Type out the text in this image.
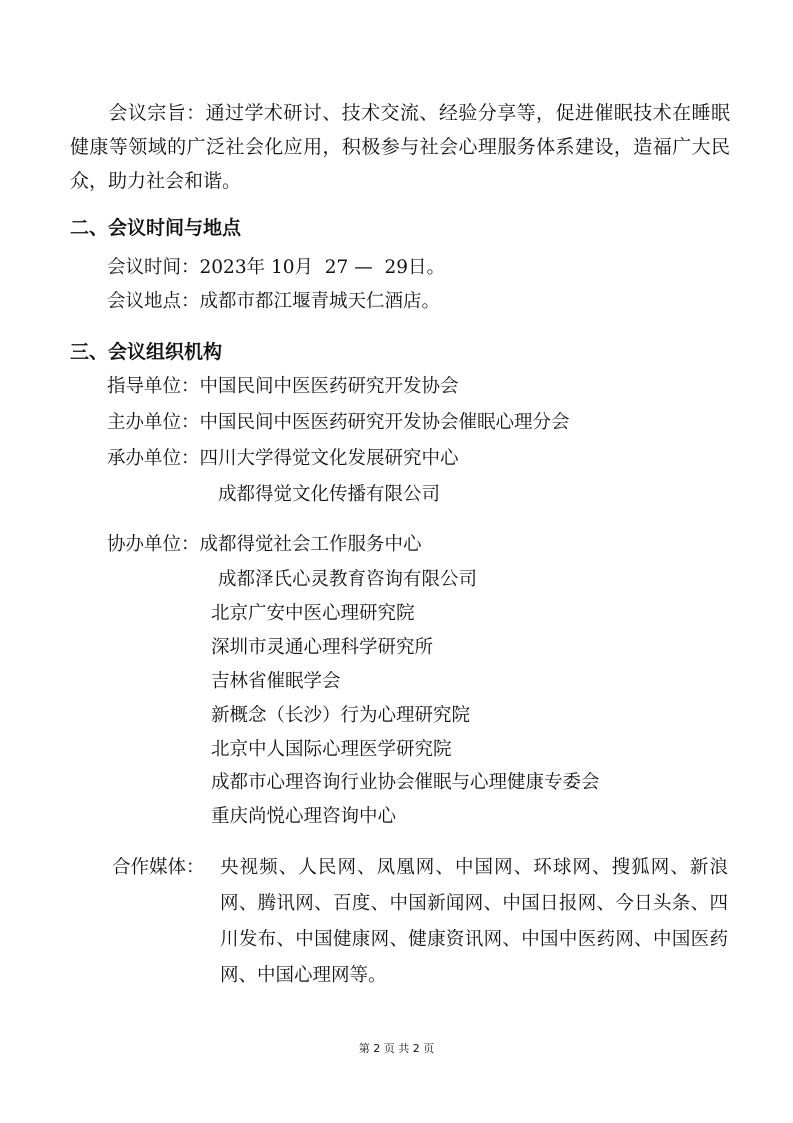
会议宗旨：通过学术研讨、技术交流、经验分享等，促进催眠技术在睡眠健康等领域的广泛社会化应用，积极参与社会心理服务体系建设，造福广大民众，助力社会和谐。
二、会议时间与地点
会议时间：2023年 10月  27 —  29日。
会议地点：成都市都江堰青城天仁酒店。
三、会议组织机构
指导单位：中国民间中医医药研究开发协会
主办单位：中国民间中医医药研究开发协会催眠心理分会
承办单位：四川大学得觉文化发展研究中心
成都得觉文化传播有限公司
协办单位：成都得觉社会工作服务中心
成都泽氏心灵教育咨询有限公司
北京广安中医心理研究院
深圳市灵通心理科学研究所
吉林省催眠学会
新概念（长沙）行为心理研究院
北京中人国际心理医学研究院
成都市心理咨询行业协会催眠与心理健康专委会
重庆尚悦心理咨询中心
合作媒体： 央视频、人民网、凤凰网、中国网、环球网、搜狐网、新浪网、腾讯网、百度、中国新闻网、中国日报网、今日头条、四川发布、中国健康网、健康资讯网、中国中医药网、中国医药网、中国心理网等。
第 2 页 共 2 页
